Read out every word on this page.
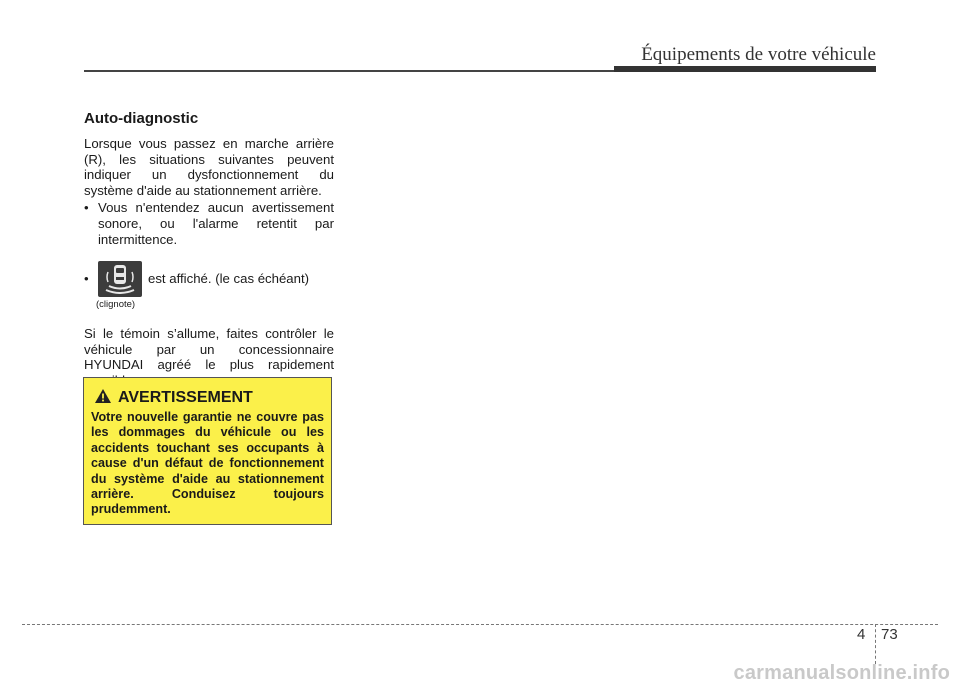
Équipements de votre véhicule
Auto-diagnostic

Lorsque vous passez en marche arrière (R), les situations suivantes peuvent indiquer un dysfonctionnement du système d'aide au stationnement arrière.

• Vous n'entendez aucun avertissement sonore, ou l'alarme retentit par intermittence.
•	est affiché. (le cas échéant)
(clignote)

Si le témoin s’allume, faites contrôler le véhicule par un concessionnaire HYUNDAI agréé le plus rapidement

AVERTISSEMENT
Votre nouvelle garantie ne couvre pas les dommages du véhicule ou les accidents touchant ses occupants à cause d'un défaut de fonctionnement du système d'aide au stationnement arrière. Conduisez toujours prudemment.
4 73
carmanualsonline.info
